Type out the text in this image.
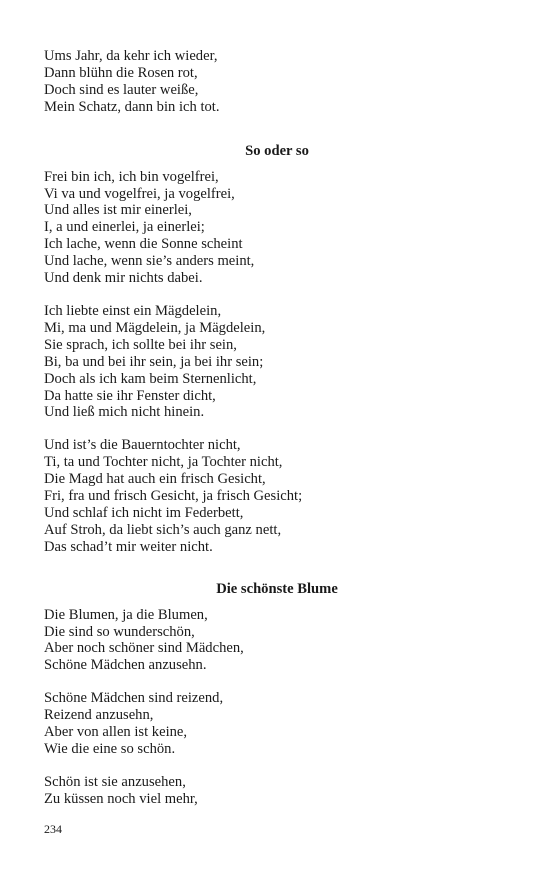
Ums Jahr, da kehr ich wieder,
Dann blühn die Rosen rot,
Doch sind es lauter weiße,
Mein Schatz, dann bin ich tot.
So oder so
Frei bin ich, ich bin vogelfrei,
Vi va und vogelfrei, ja vogelfrei,
Und alles ist mir einerlei,
I, a und einerlei, ja einerlei;
Ich lache, wenn die Sonne scheint
Und lache, wenn sie’s anders meint,
Und denk mir nichts dabei.
Ich liebte einst ein Mägdelein,
Mi, ma und Mägdelein, ja Mägdelein,
Sie sprach, ich sollte bei ihr sein,
Bi, ba und bei ihr sein, ja bei ihr sein;
Doch als ich kam beim Sternenlicht,
Da hatte sie ihr Fenster dicht,
Und ließ mich nicht hinein.
Und ist’s die Bauerntochter nicht,
Ti, ta und Tochter nicht, ja Tochter nicht,
Die Magd hat auch ein frisch Gesicht,
Fri, fra und frisch Gesicht, ja frisch Gesicht;
Und schlaf ich nicht im Federbett,
Auf Stroh, da liebt sich’s auch ganz nett,
Das schad’t mir weiter nicht.
Die schönste Blume
Die Blumen, ja die Blumen,
Die sind so wunderschön,
Aber noch schöner sind Mädchen,
Schöne Mädchen anzusehn.
Schöne Mädchen sind reizend,
Reizend anzusehn,
Aber von allen ist keine,
Wie die eine so schön.
Schön ist sie anzusehen,
Zu küssen noch viel mehr,
234
